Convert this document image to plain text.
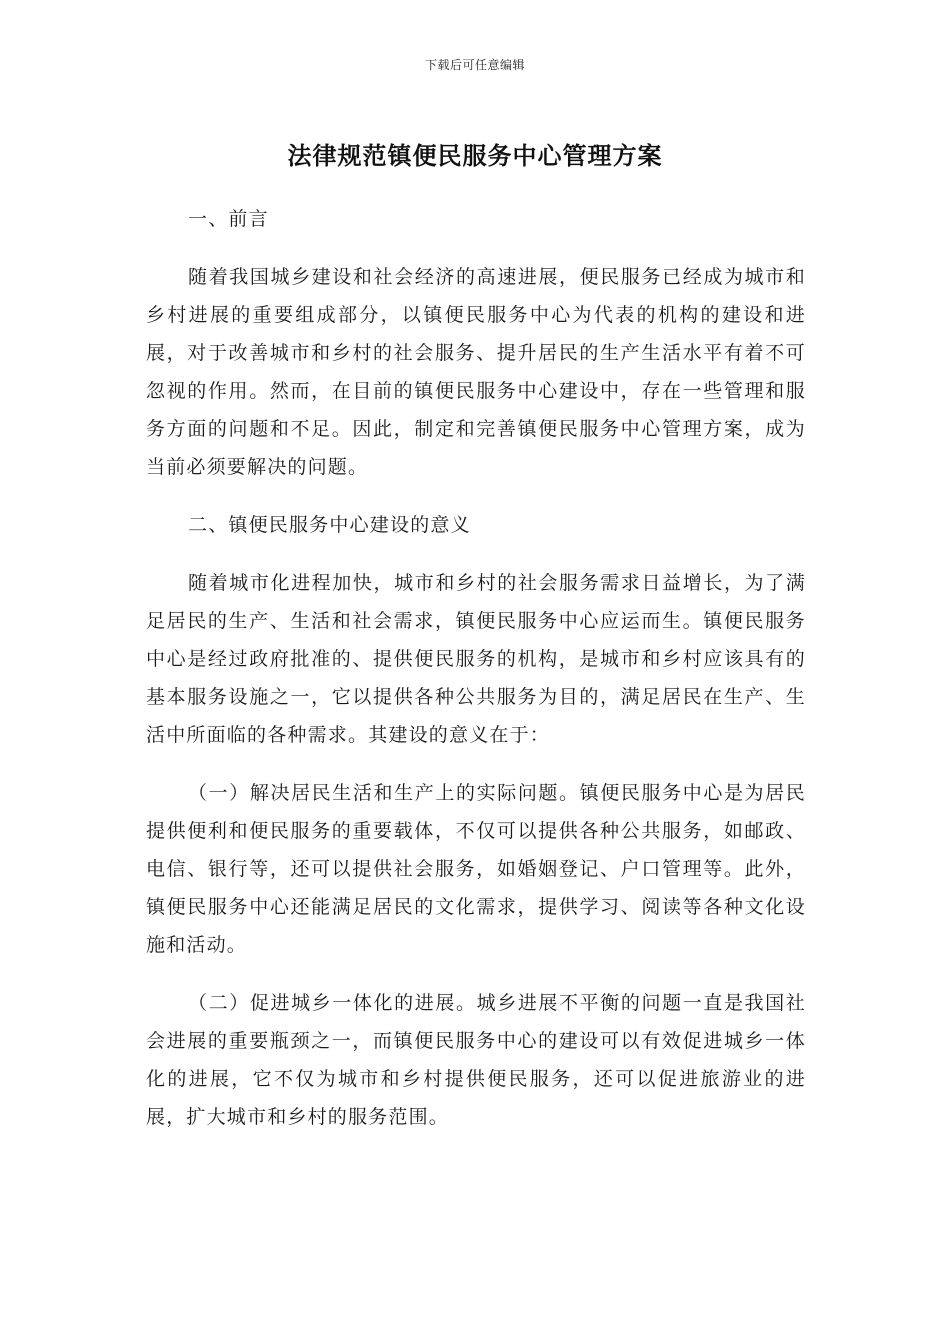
下载后可任意编辑
法律规范镇便民服务中心管理方案

一、前言

随着我国城乡建设和社会经济的高速进展，便民服务已经成为城市和乡村进展的重要组成部分，以镇便民服务中心为代表的机构的建设和进展，对于改善城市和乡村的社会服务、提升居民的生产生活水平有着不可忽视的作用。然而，在目前的镇便民服务中心建设中，存在一些管理和服务方面的问题和不足。因此，制定和完善镇便民服务中心管理方案，成为当前必须要解决的问题。

二、镇便民服务中心建设的意义

随着城市化进程加快，城市和乡村的社会服务需求日益增长，为了满足居民的生产、生活和社会需求，镇便民服务中心应运而生。镇便民服务中心是经过政府批准的、提供便民服务的机构，是城市和乡村应该具有的基本服务设施之一，它以提供各种公共服务为目的，满足居民在生产、生活中所面临的各种需求。其建设的意义在于：

（一）解决居民生活和生产上的实际问题。镇便民服务中心是为居民提供便利和便民服务的重要载体，不仅可以提供各种公共服务，如邮政、电信、银行等，还可以提供社会服务，如婚姻登记、户口管理等。此外，镇便民服务中心还能满足居民的文化需求，提供学习、阅读等各种文化设施和活动。

（二）促进城乡一体化的进展。城乡进展不平衡的问题一直是我国社会进展的重要瓶颈之一，而镇便民服务中心的建设可以有效促进城乡一体化的进展，它不仅为城市和乡村提供便民服务，还可以促进旅游业的进展，扩大城市和乡村的服务范围。
